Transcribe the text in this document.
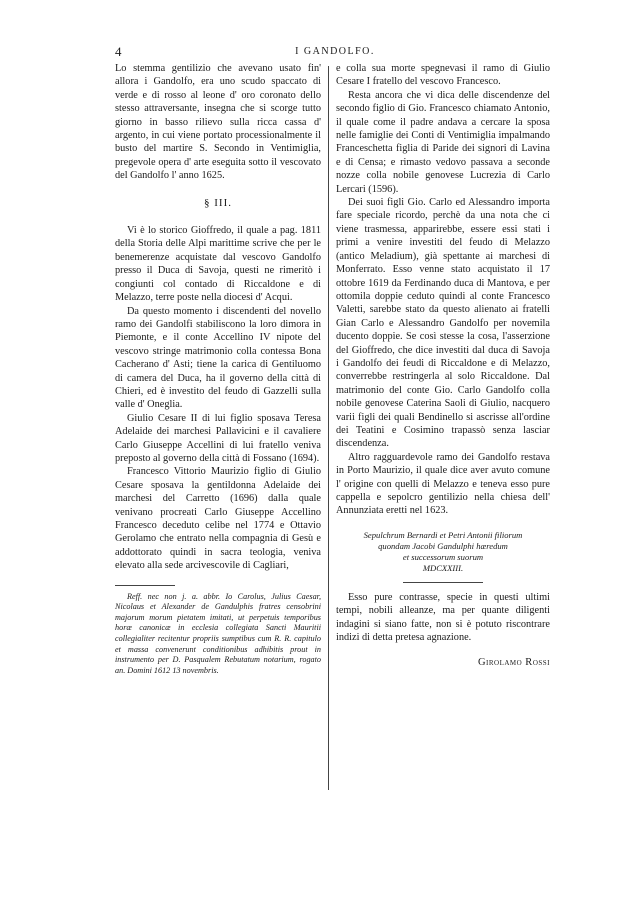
4	I GANDOLFO.

Lo stemma gentilizio che avevano usato fin' allora i Gandolfo, era uno scudo spaccato di verde e di rosso al leone d' oro coronato dello stesso attraversante, insegna che si scorge tutto giorno in basso rilievo sulla ricca cassa d' argento, in cui viene portato processionalmente il busto del martire S. Secondo in Ventimiglia, pregevole opera d' arte eseguita sotto il vescovato del Gandolfo l' anno 1625.

§ III.

Vi è lo storico Gioffredo, il quale a pag. 1811 della Storia delle Alpi marittime scrive che per le benemerenze acquistate dal vescovo Gandolfo presso il Duca di Savoja, questi ne rimeritò i congiunti col contado di Riccaldone e di Melazzo, terre poste nella diocesi d' Acqui.

Da questo momento i discendenti del novello ramo dei Gandolfi stabiliscono la loro dimora in Piemonte, e il conte Accellino IV nipote del vescovo stringe matrimonio colla contessa Bona Cacherano d' Asti; tiene la carica di Gentiluomo di camera del Duca, ha il governo della città di Chieri, ed è investito del feudo di Gazzelli sulla valle d' Oneglia.

Giulio Cesare II di lui figlio sposava Teresa Adelaide dei marchesi Pallavicini e il cavaliere Carlo Giuseppe Accellini di lui fratello veniva preposto al governo della città di Fossano (1694).

Francesco Vittorio Maurizio figlio di Giulio Cesare sposava la gentildonna Adelaide dei marchesi del Carretto (1696) dalla quale venivano procreati Carlo Giuseppe Accellino Francesco deceduto celibe nel 1774 e Ottavio Gerolamo che entrato nella compagnia di Gesù e addottorato quindi in sacra teologia, veniva elevato alla sede arcivescovile di Cagliari,

Reff. nec non j. a. abbr. Io Carolus, Julius Caesar, Nicolaus et Alexander de Gandulphis fratres censobrini majorum morum pietatem imitati, ut perpetuis temporibus horæ canonicæ in ecclesia collegiata Sancti Mauritii collegialiter recitentur propriis sumptibus cum R. R. capitulo et massa convenerunt conditionibus adhibitis prout in instrumento per D. Pasqualem Rebutatum notarium, rogato an. Domini 1612 13 novembris.

e colla sua morte spegnevasi il ramo di Giulio Cesare I fratello del vescovo Francesco.

Resta ancora che vi dica delle discendenze del secondo figlio di Gio. Francesco chiamato Antonio, il quale come il padre andava a cercare la sposa nelle famiglie dei Conti di Ventimiglia impalmando Franceschetta figlia di Paride dei signori di Lavina e di Censa; e rimasto vedovo passava a seconde nozze colla nobile genovese Lucrezia di Carlo Lercari (1596).

Dei suoi figli Gio. Carlo ed Alessandro importa fare speciale ricordo, perchè da una nota che ci viene trasmessa, apparirebbe, essere essi stati i primi a venire investiti del feudo di Melazzo (antico Meladium), già spettante ai marchesi di Monferrato. Esso venne stato acquistato il 17 ottobre 1619 da Ferdinando duca di Mantova, e per ottomila doppie ceduto quindi al conte Francesco Valetti, sarebbe stato da questo alienato ai fratelli Gian Carlo e Alessandro Gandolfo per novemila ducento doppie. Se così stesse la cosa, l'asserzione del Gioffredo, che dice investiti dal duca di Savoja i Gandolfo dei feudi di Riccaldone e di Melazzo, converrebbe restringerla al solo Riccaldone. Dal matrimonio del conte Gio. Carlo Gandolfo colla nobile genovese Caterina Saoli di Giulio, nacquero varii figli dei quali Bendinello si ascrisse all'ordine dei Teatini e Cosimino trapassò senza lasciar discendenza.

Altro ragguardevole ramo dei Gandolfo restava in Porto Maurizio, il quale dice aver avuto comune l' origine con quelli di Melazzo e teneva esso pure cappella e sepolcro gentilizio nella chiesa dell' Annunziata eretti nel 1623.

Sepulchrum Bernardi et Petri Antonii filiorum
quondam Jacobi Gandulphi hæredum
et successorum suorum
MDCXXIII.

Esso pure contrasse, specie in questi ultimi tempi, nobili alleanze, ma per quante diligenti indagini si siano fatte, non si è potuto riscontrare indizi di detta pretesa agnazione.

Girolamo Rossi
